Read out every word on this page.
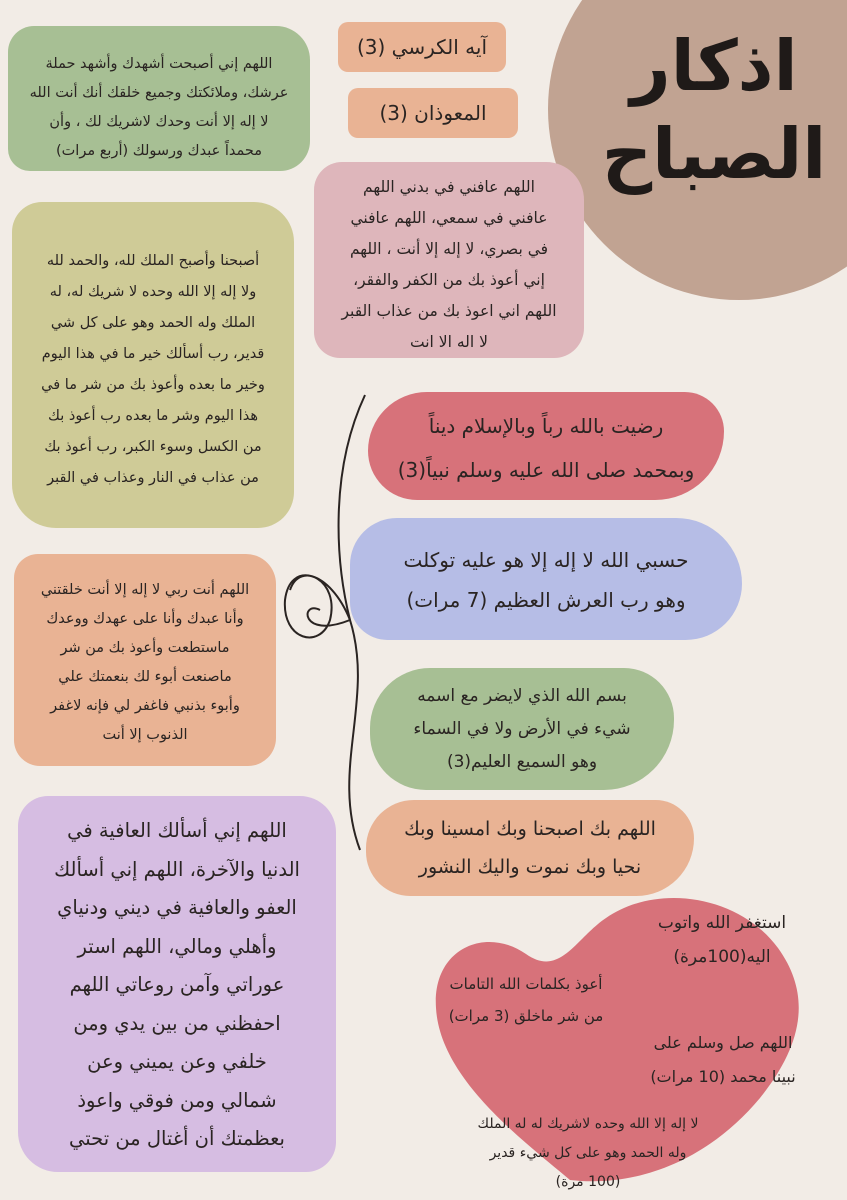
اذكار
الصباح
آيه الكرسي (3)
المعوذان (3)
اللهم إني أصبحت أشهدك وأشهد حملة
عرشك، وملائكتك وجميع خلقك أنك أنت الله
لا إله إلا أنت وحدك لاشريك لك ، وأن
محمداً عبدك ورسولك (أربع مرات)
اللهم عافني في بدني اللهم
عافني في سمعي، اللهم عافني
في بصري، لا إله إلا أنت ، اللهم
إني أعوذ بك من الكفر والفقر،
اللهم اني اعوذ بك من عذاب القبر
لا اله الا انت
أصبحنا وأصبح الملك لله، والحمد لله
ولا إله إلا الله وحده لا شريك له، له
الملك وله الحمد وهو على كل شي
قدير، رب أسألك خير ما في هذا اليوم
وخير ما بعده وأعوذ بك من شر ما في
هذا اليوم وشر ما بعده رب أعوذ بك
من الكسل وسوء الكبر، رب أعوذ بك
من عذاب في النار وعذاب في القبر
رضيت بالله رباً وبالإسلام ديناً
وبمحمد صلى الله عليه وسلم نبياً(3)
حسبي الله لا إله إلا هو عليه توكلت
وهو رب العرش العظيم (7 مرات)
اللهم أنت ربي لا إله إلا أنت خلقتني
وأنا عبدك وأنا على عهدك ووعدك
ماستطعت وأعوذ بك من شر
ماصنعت أبوء لك بنعمتك علي
وأبوء بذنبي فاغفر لي فإنه لاغفر
الذنوب إلا أنت
بسم الله الذي لايضر مع اسمه
شيء في الأرض ولا في السماء
وهو السميع العليم(3)
اللهم بك اصبحنا وبك امسينا وبك
نحيا وبك نموت واليك النشور
اللهم إني أسألك العافية في
الدنيا والآخرة، اللهم إني أسألك
العفو والعافية في ديني ودنياي
وأهلي ومالي، اللهم استر
عوراتي وآمن روعاتي اللهم
احفظني من بين يدي ومن
خلفي وعن يميني وعن
شمالي ومن فوقي واعوذ
بعظمتك أن أغتال من تحتي
استغفر الله واتوب
اليه(100مرة)
أعوذ بكلمات الله التامات
من شر ماخلق (3 مرات)
اللهم صل وسلم على
نبينا محمد (10 مرات)
لا إله إلا الله وحده لاشريك له له الملك
وله الحمد وهو على كل شيء قدير
(100 مرة)
